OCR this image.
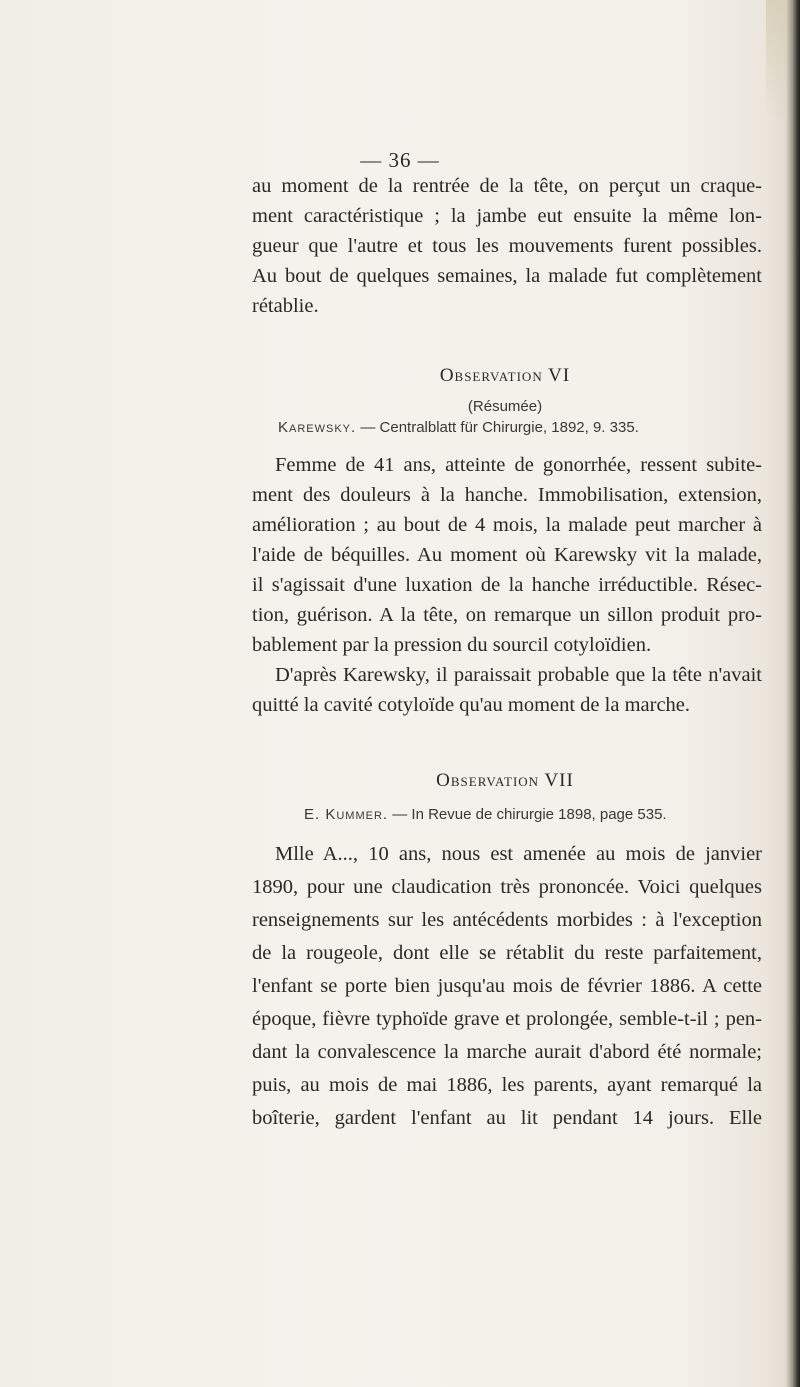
— 36 —
au moment de la rentrée de la tête, on perçut un craque-
ment caractéristique ; la jambe eut ensuite la même lon-
gueur que l'autre et tous les mouvements furent possibles.
Au bout de quelques semaines, la malade fut complètement
rétablie.
Observation VI
(Résumée)
Karewsky. — Centralblatt für Chirurgie, 1892, 9. 335.
Femme de 41 ans, atteinte de gonorrhée, ressent subite-
ment des douleurs à la hanche. Immobilisation, extension,
amélioration ; au bout de 4 mois, la malade peut marcher à
l'aide de béquilles. Au moment où Karewsky vit la malade,
il s'agissait d'une luxation de la hanche irréductible. Résec-
tion, guérison. A la tête, on remarque un sillon produit pro-
bablement par la pression du sourcil cotyloïdien.
D'après Karewsky, il paraissait probable que la tête n'avait
quitté la cavité cotyloïde qu'au moment de la marche.
Observation VII
E. Kummer. — In Revue de chirurgie 1898, page 535.
Mlle A..., 10 ans, nous est amenée au mois de janvier
1890, pour une claudication très prononcée. Voici quelques
renseignements sur les antécédents morbides : à l'exception
de la rougeole, dont elle se rétablit du reste parfaitement,
l'enfant se porte bien jusqu'au mois de février 1886. A cette
époque, fièvre typhoïde grave et prolongée, semble-t-il ; pen-
dant la convalescence la marche aurait d'abord été normale;
puis, au mois de mai 1886, les parents, ayant remarqué la
boîterie, gardent l'enfant au lit pendant 14 jours. Elle
